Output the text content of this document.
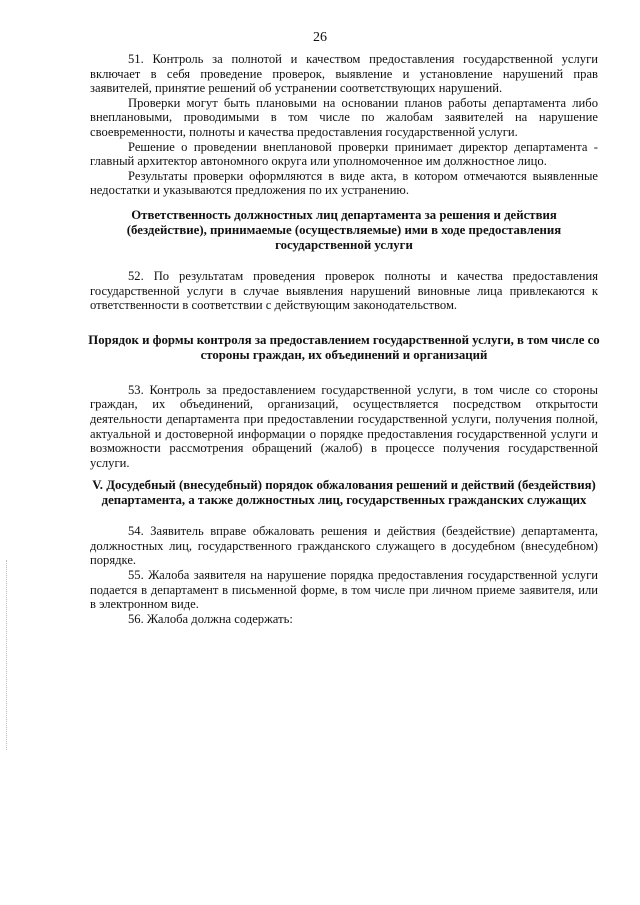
26

51. Контроль за полнотой и качеством предоставления государственной услуги включает в себя проведение проверок, выявление и установление нарушений прав заявителей, принятие решений об устранении соответствующих нарушений.

Проверки могут быть плановыми на основании планов работы департамента либо внеплановыми, проводимыми в том числе по жалобам заявителей на нарушение своевременности, полноты и качества предоставления государственной услуги.

Решение о проведении внеплановой проверки принимает директор департамента - главный архитектор автономного округа или уполномоченное им должностное лицо.

Результаты проверки оформляются в виде акта, в котором отмечаются выявленные недостатки и указываются предложения по их устранению.

Ответственность должностных лиц департамента за решения и действия (бездействие), принимаемые (осуществляемые) ими в ходе предоставления государственной услуги

52. По результатам проведения проверок полноты и качества предоставления государственной услуги в случае выявления нарушений виновные лица привлекаются к ответственности в соответствии с действующим законодательством.

Порядок и формы контроля за предоставлением государственной услуги, в том числе со стороны граждан, их объединений и организаций

53. Контроль за предоставлением государственной услуги, в том числе со стороны граждан, их объединений, организаций, осуществляется посредством открытости деятельности департамента при предоставлении государственной услуги, получения полной, актуальной и достоверной информации о порядке предоставления государственной услуги и возможности рассмотрения обращений (жалоб) в процессе получения государственной услуги.

V. Досудебный (внесудебный) порядок обжалования решений и действий (бездействия) департамента, а также должностных лиц, государственных гражданских служащих

54. Заявитель вправе обжаловать решения и действия (бездействие) департамента, должностных лиц, государственного гражданского служащего в досудебном (внесудебном) порядке.

55. Жалоба заявителя на нарушение порядка предоставления государственной услуги подается в департамент в письменной форме, в том числе при личном приеме заявителя, или в электронном виде.

56. Жалоба должна содержать:
